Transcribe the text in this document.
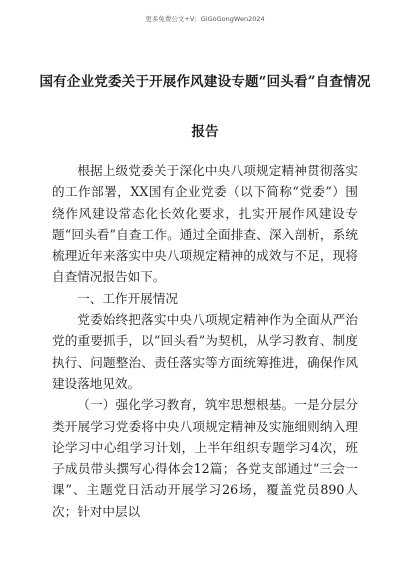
更多免费公文+V：GiGoGongWen2024
国有企业党委关于开展作风建设专题“回头看”自查情况
报告

根据上级党委关于深化中央八项规定精神贯彻落实的工作部署，XX国有企业党委（以下简称“党委”）围绕作风建设常态化长效化要求，扎实开展作风建设专题“回头看”自查工作。通过全面排查、深入剖析，系统梳理近年来落实中央八项规定精神的成效与不足，现将自查情况报告如下。

一、工作开展情况

党委始终把落实中央八项规定精神作为全面从严治党的重要抓手，以“回头看”为契机，从学习教育、制度执行、问题整治、责任落实等方面统筹推进，确保作风建设落地见效。

（一）强化学习教育，筑牢思想根基。一是分层分类开展学习党委将中央八项规定精神及实施细则纳入理论学习中心组学习计划，上半年组织专题学习4次，班子成员带头撰写心得体会12篇；各党支部通过“三会一课”、主题党日活动开展学习26场，覆盖党员890人次；针对中层以
